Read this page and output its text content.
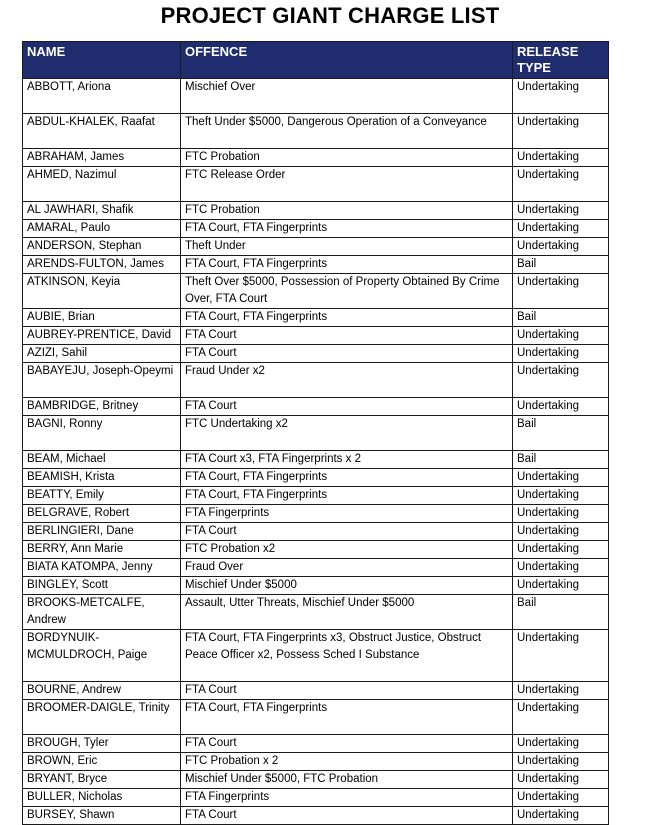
PROJECT GIANT CHARGE LIST
NAME	OFFENCE	RELEASE TYPE
ABBOTT, Ariona	Mischief Over	Undertaking
ABDUL-KHALEK, Raafat	Theft Under $5000, Dangerous Operation of a Conveyance	Undertaking
ABRAHAM, James	FTC Probation	Undertaking
AHMED, Nazimul	FTC Release Order	Undertaking
AL JAWHARI, Shafik	FTC Probation	Undertaking
AMARAL, Paulo	FTA Court, FTA Fingerprints	Undertaking
ANDERSON, Stephan	Theft Under	Undertaking
ARENDS-FULTON, James	FTA Court, FTA Fingerprints	Bail
ATKINSON, Keyia	Theft Over $5000, Possession of Property Obtained By Crime Over, FTA Court	Undertaking
AUBIE, Brian	FTA Court, FTA Fingerprints	Bail
AUBREY-PRENTICE, David	FTA Court	Undertaking
AZIZI, Sahil	FTA Court	Undertaking
BABAYEJU, Joseph-Opeymi	Fraud Under x2	Undertaking
BAMBRIDGE, Britney	FTA Court	Undertaking
BAGNI, Ronny	FTC Undertaking x2	Bail
BEAM, Michael	FTA Court x3, FTA Fingerprints x 2	Bail
BEAMISH, Krista	FTA Court, FTA Fingerprints	Undertaking
BEATTY, Emily	FTA Court, FTA Fingerprints	Undertaking
BELGRAVE, Robert	FTA Fingerprints	Undertaking
BERLINGIERI, Dane	FTA Court	Undertaking
BERRY, Ann Marie	FTC Probation x2	Undertaking
BIATA KATOMPA, Jenny	Fraud Over	Undertaking
BINGLEY, Scott	Mischief Under $5000	Undertaking
BROOKS-METCALFE, Andrew	Assault, Utter Threats, Mischief Under $5000	Bail
BORDYNUIK-MCMULDROCH, Paige	FTA Court, FTA Fingerprints x3, Obstruct Justice, Obstruct Peace Officer x2, Possess Sched I Substance	Undertaking
BOURNE, Andrew	FTA Court	Undertaking
BROOMER-DAIGLE, Trinity	FTA Court, FTA Fingerprints	Undertaking
BROUGH, Tyler	FTA Court	Undertaking
BROWN, Eric	FTC Probation x 2	Undertaking
BRYANT, Bryce	Mischief Under $5000, FTC Probation	Undertaking
BULLER, Nicholas	FTA Fingerprints	Undertaking
BURSEY, Shawn	FTA Court	Undertaking
